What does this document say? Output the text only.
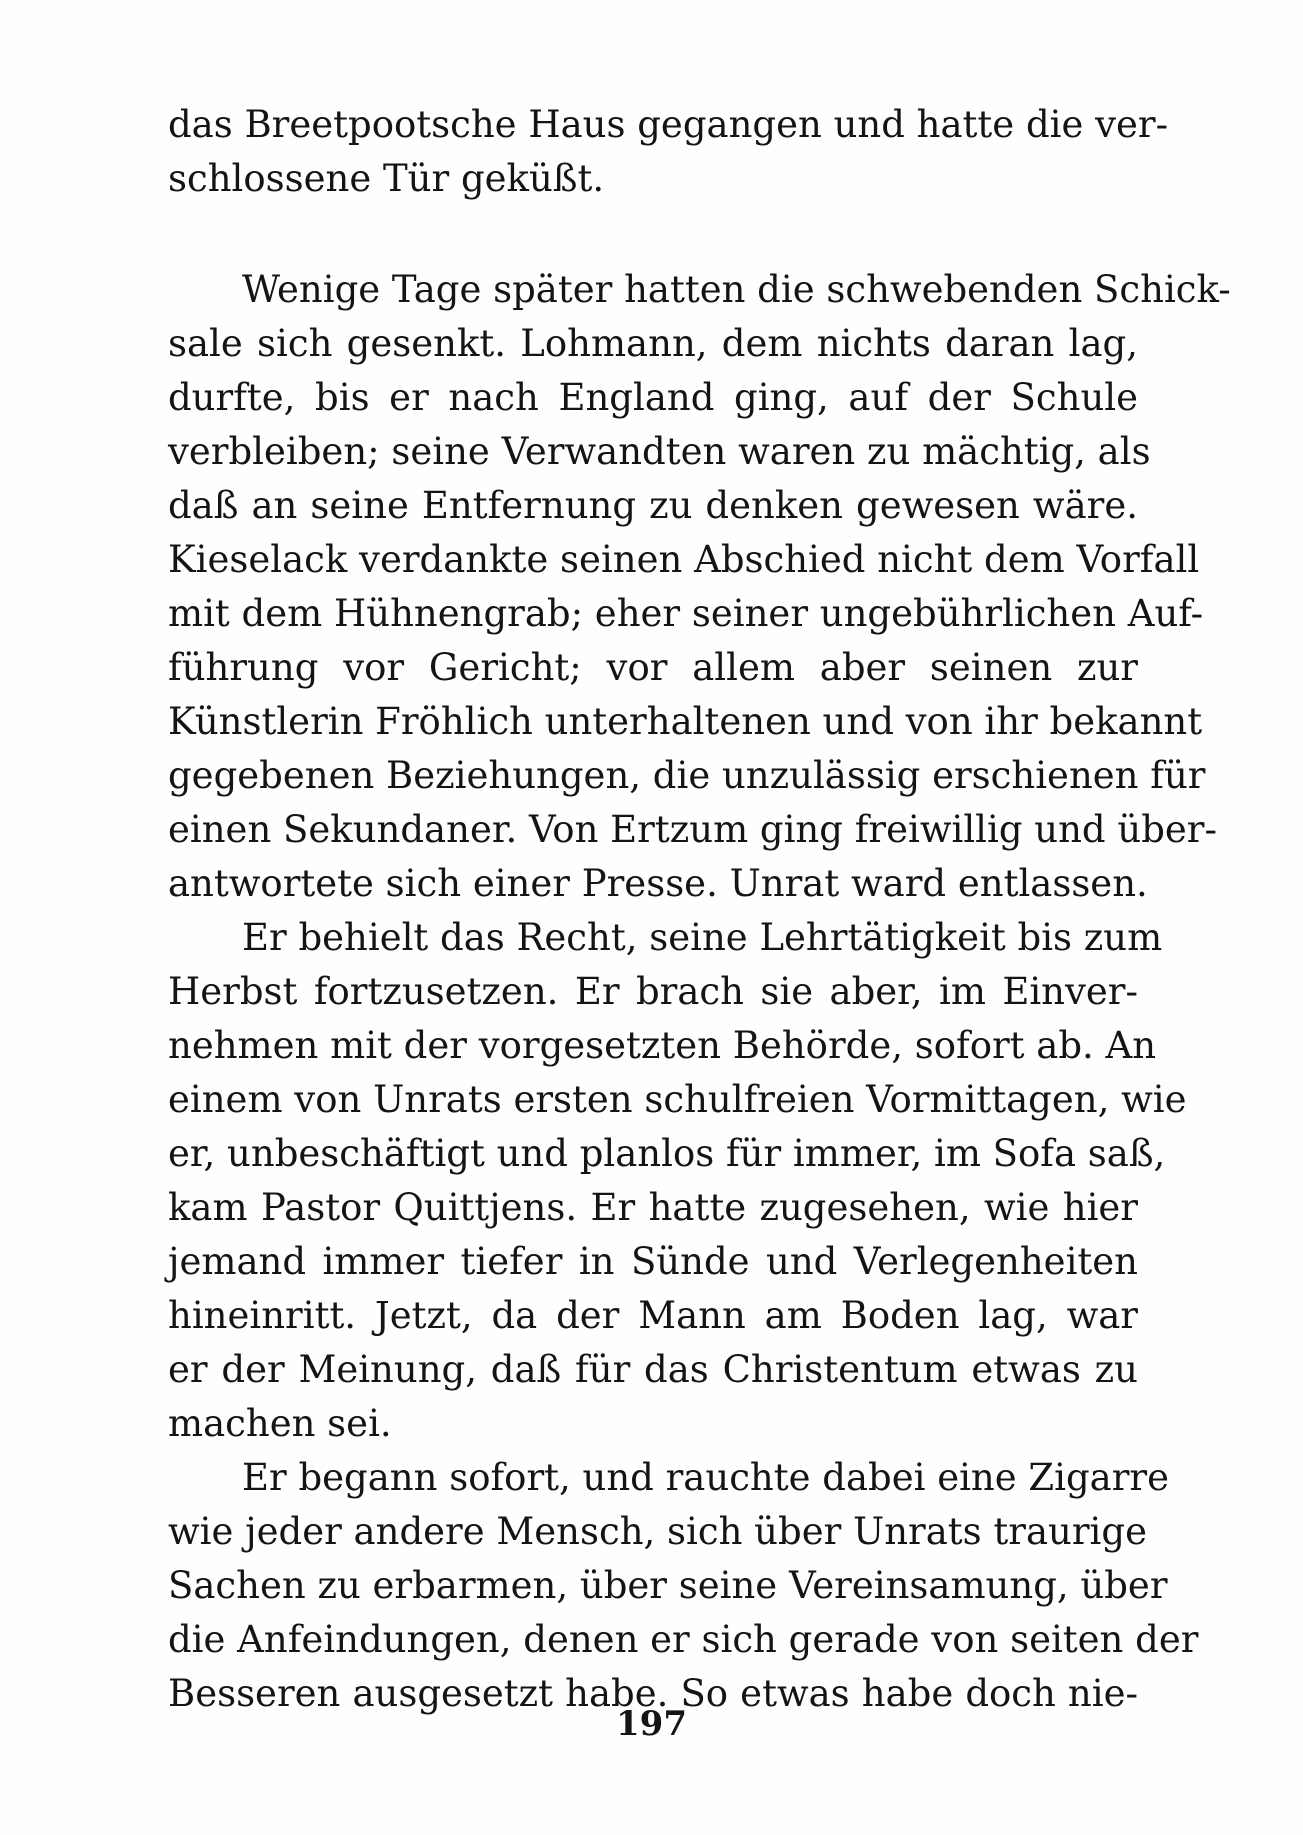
das Breetpootsche Haus gegangen und hatte die ver-
schlossene Tür geküßt.
Wenige Tage später hatten die schwebenden Schick-
sale sich gesenkt. Lohmann, dem nichts daran lag,
durfte, bis er nach England ging, auf der Schule
verbleiben; seine Verwandten waren zu mächtig, als
daß an seine Entfernung zu denken gewesen wäre.
Kieselack verdankte seinen Abschied nicht dem Vorfall
mit dem Hühnengrab; eher seiner ungebührlichen Auf-
führung vor Gericht; vor allem aber seinen zur
Künstlerin Fröhlich unterhaltenen und von ihr bekannt
gegebenen Beziehungen, die unzulässig erschienen für
einen Sekundaner. Von Ertzum ging freiwillig und über-
antwortete sich einer Presse. Unrat ward entlassen.
Er behielt das Recht, seine Lehrtätigkeit bis zum
Herbst fortzusetzen. Er brach sie aber, im Einver-
nehmen mit der vorgesetzten Behörde, sofort ab. An
einem von Unrats ersten schulfreien Vormittagen, wie
er, unbeschäftigt und planlos für immer, im Sofa saß,
kam Pastor Quittjens. Er hatte zugesehen, wie hier
jemand immer tiefer in Sünde und Verlegenheiten
hineinritt. Jetzt, da der Mann am Boden lag, war
er der Meinung, daß für das Christentum etwas zu
machen sei.
Er begann sofort, und rauchte dabei eine Zigarre
wie jeder andere Mensch, sich über Unrats traurige
Sachen zu erbarmen, über seine Vereinsamung, über
die Anfeindungen, denen er sich gerade von seiten der
Besseren ausgesetzt habe. So etwas habe doch nie-
197
